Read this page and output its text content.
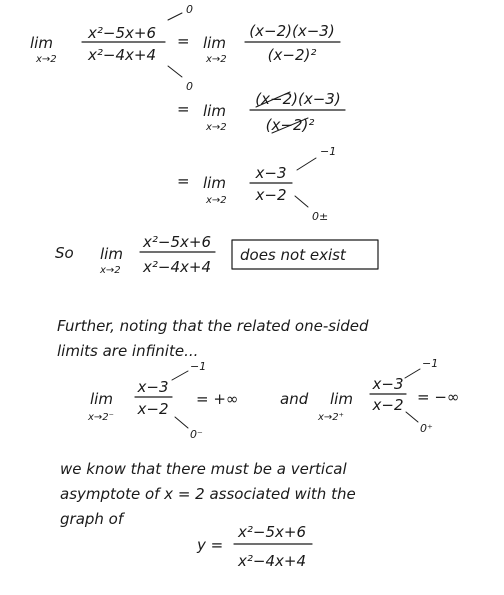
lim
x→2
x²−5x+6
x²−4x+4
0
0
= lim
x→2
(x−2)(x−3)
(x−2)²
= lim
x→2
(x−2)(x−3)
(x−2)²
= lim
x→2
x−3
x−2
−1
0±
So lim
x→2
x²−5x+6
x²−4x+4
does not exist
Further, noting that the related one-sided
limits are infinite...
lim
x→2⁻
x−3
x−2
−1
0⁻
= +∞	and lim
x→2⁺
x−3
x−2
−1
0⁺
= −∞
we know that there must be a vertical
asymptote of x = 2 associated with the
graph of
y =
x²−5x+6
x²−4x+4
